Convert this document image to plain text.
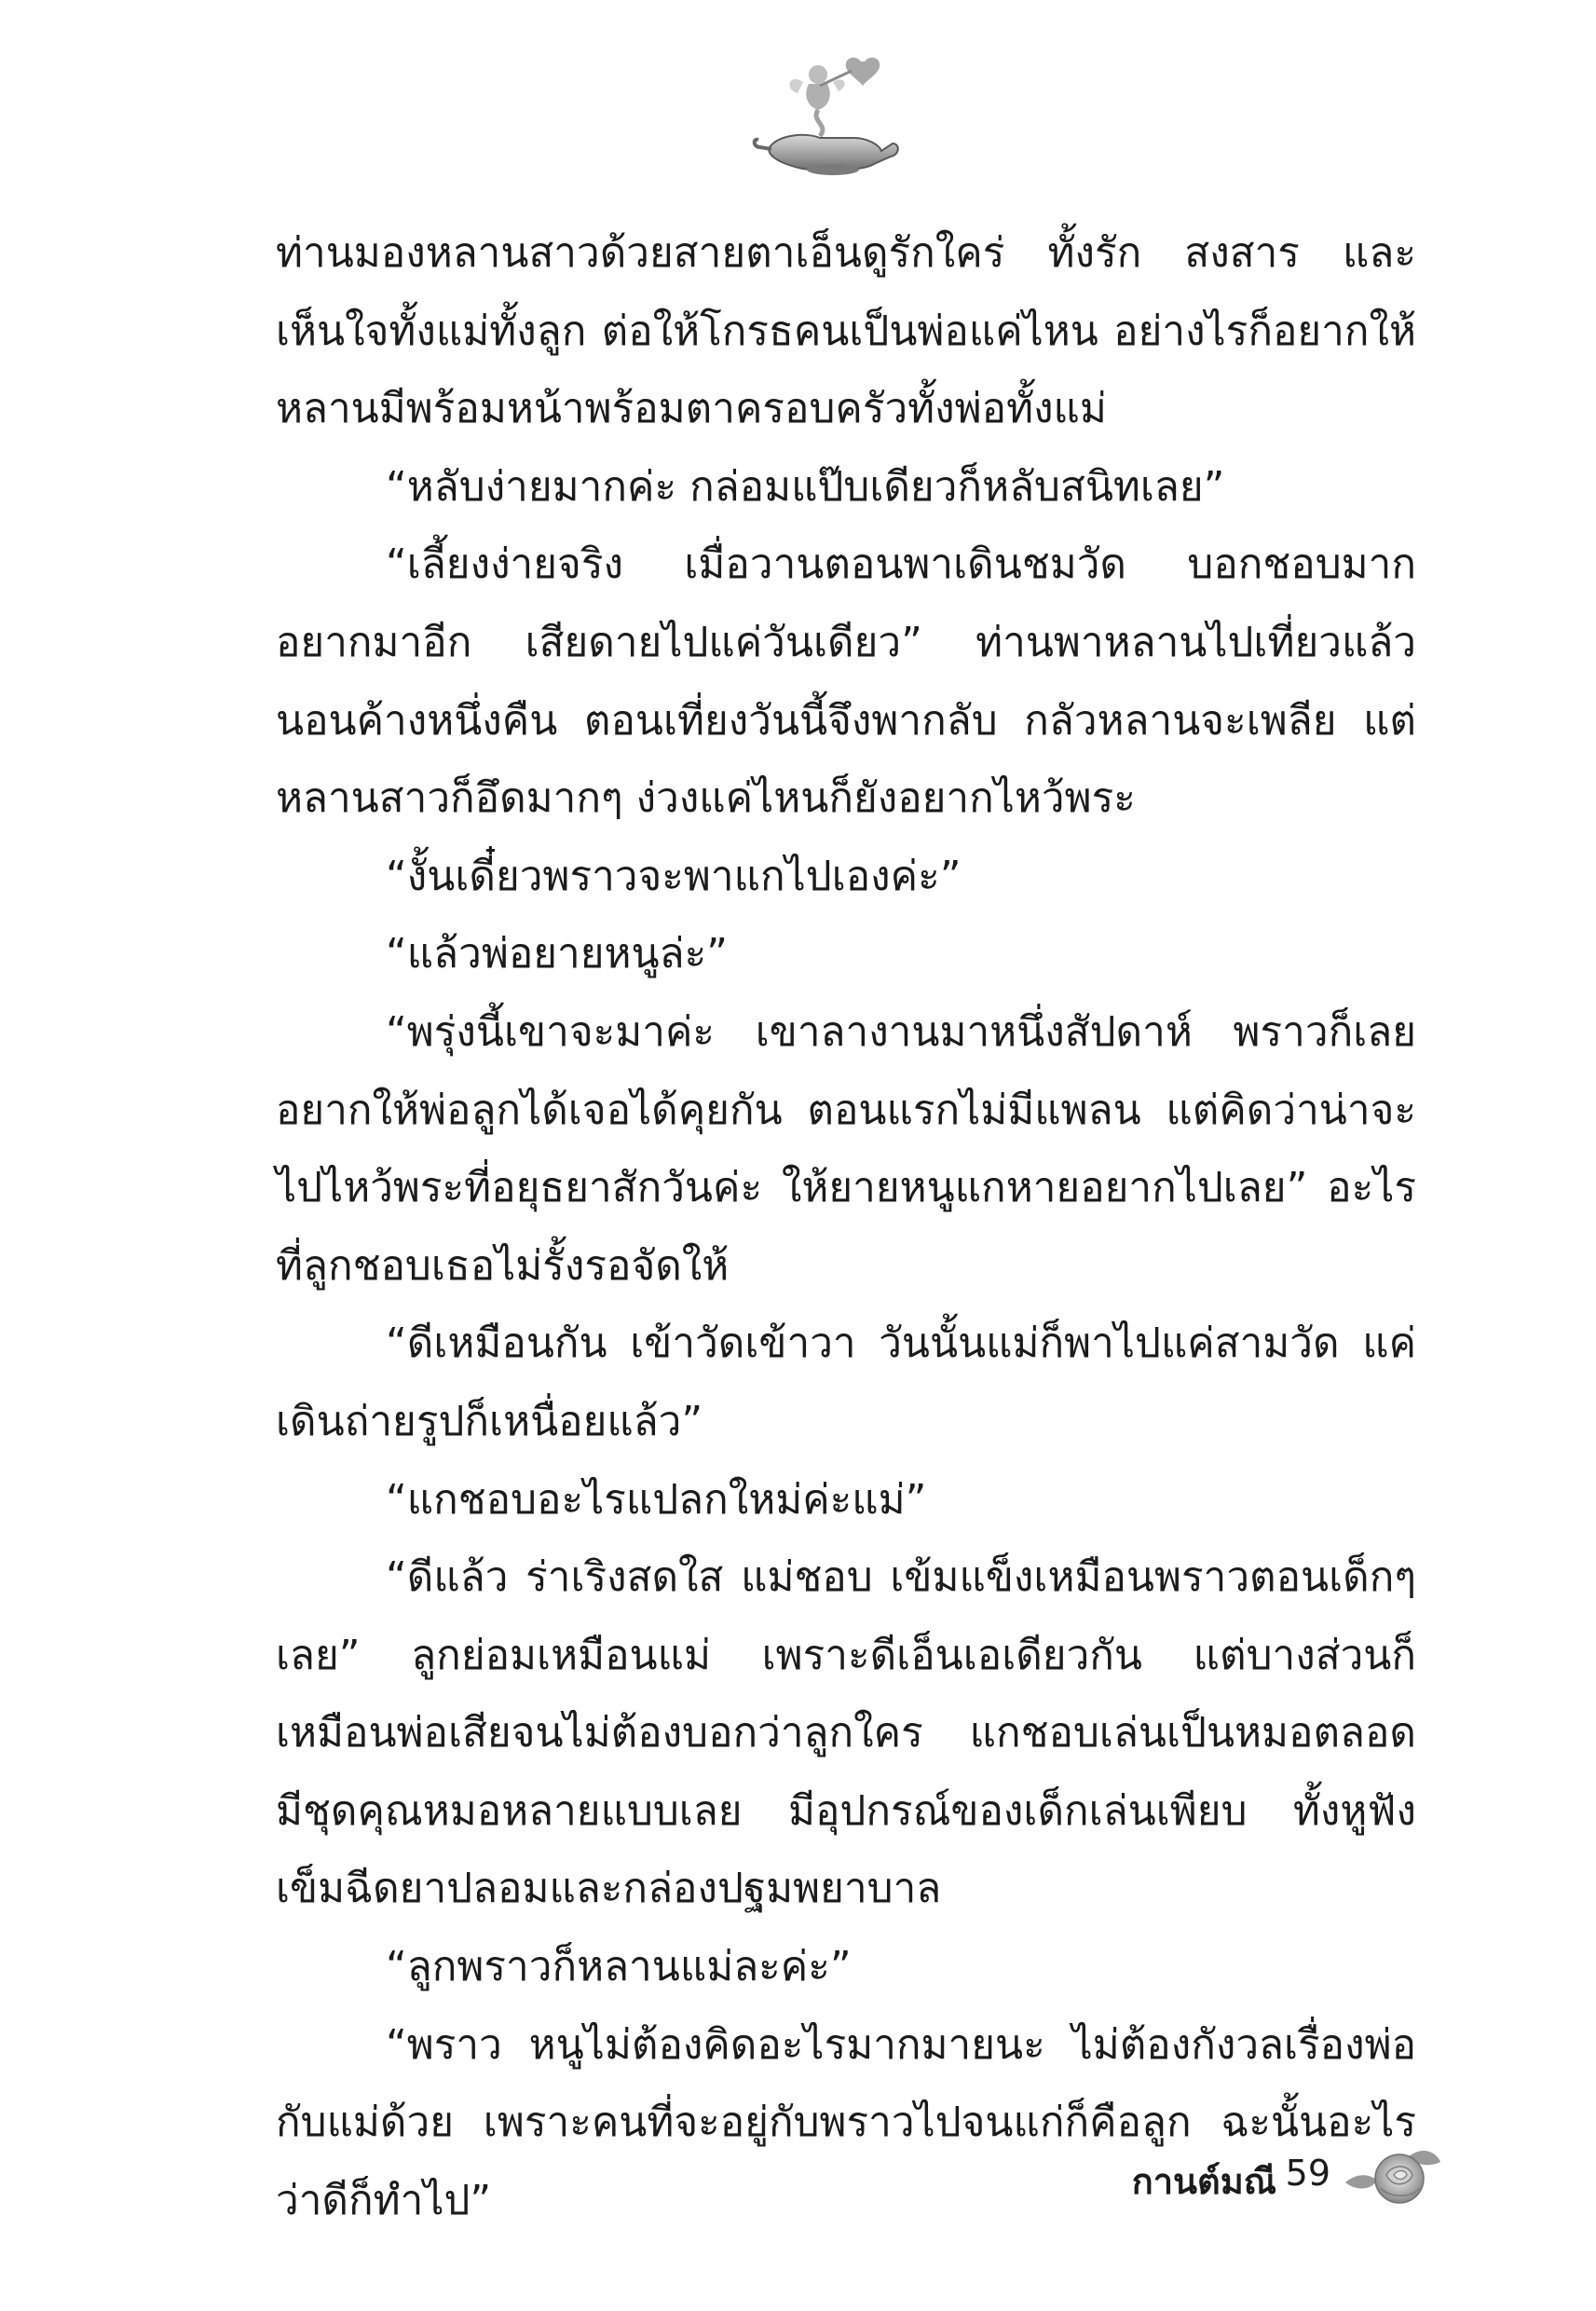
ท่านมองหลานสาวด้วยสายตาเอ็นดูรักใคร่ ทั้งรัก สงสาร และเห็นใจทั้งแม่ทั้งลูก ต่อให้โกรธคนเป็นพ่อแค่ไหน อย่างไรก็อยากให้หลานมีพร้อมหน้าพร้อมตาครอบครัวทั้งพ่อทั้งแม่

“หลับง่ายมากค่ะ กล่อมแป๊บเดียวก็หลับสนิทเลย”

“เลี้ยงง่ายจริง เมื่อวานตอนพาเดินชมวัด บอกชอบมากอยากมาอีก เสียดายไปแค่วันเดียว” ท่านพาหลานไปเที่ยวแล้วนอนค้างหนึ่งคืน ตอนเที่ยงวันนี้จึงพากลับ กลัวหลานจะเพลีย แต่หลานสาวก็อึดมากๆ ง่วงแค่ไหนก็ยังอยากไหว้พระ

“งั้นเดี๋ยวพราวจะพาแกไปเองค่ะ”

“แล้วพ่อยายหนูล่ะ”

“พรุ่งนี้เขาจะมาค่ะ เขาลางานมาหนึ่งสัปดาห์ พราวก็เลยอยากให้พ่อลูกได้เจอได้คุยกัน ตอนแรกไม่มีแพลน แต่คิดว่าน่าจะไปไหว้พระที่อยุธยาสักวันค่ะ ให้ยายหนูแกหายอยากไปเลย” อะไรที่ลูกชอบเธอไม่รั้งรอจัดให้

“ดีเหมือนกัน เข้าวัดเข้าวา วันนั้นแม่ก็พาไปแค่สามวัด แค่เดินถ่ายรูปก็เหนื่อยแล้ว”

“แกชอบอะไรแปลกใหม่ค่ะแม่”

“ดีแล้ว ร่าเริงสดใส แม่ชอบ เข้มแข็งเหมือนพราวตอนเด็กๆ เลย” ลูกย่อมเหมือนแม่ เพราะดีเอ็นเอเดียวกัน แต่บางส่วนก็เหมือนพ่อเสียจนไม่ต้องบอกว่าลูกใคร แกชอบเล่นเป็นหมอตลอด มีชุดคุณหมอหลายแบบเลย มีอุปกรณ์ของเด็กเล่นเพียบ ทั้งหูฟัง เข็มฉีดยาปลอมและกล่องปฐมพยาบาล

“ลูกพราวก็หลานแม่ละค่ะ”

“พราว หนูไม่ต้องคิดอะไรมากมายนะ ไม่ต้องกังวลเรื่องพ่อกับแม่ด้วย เพราะคนที่จะอยู่กับพราวไปจนแก่ก็คือลูก ฉะนั้นอะไรว่าดีก็ทำไป”	กานต์มณี 59
